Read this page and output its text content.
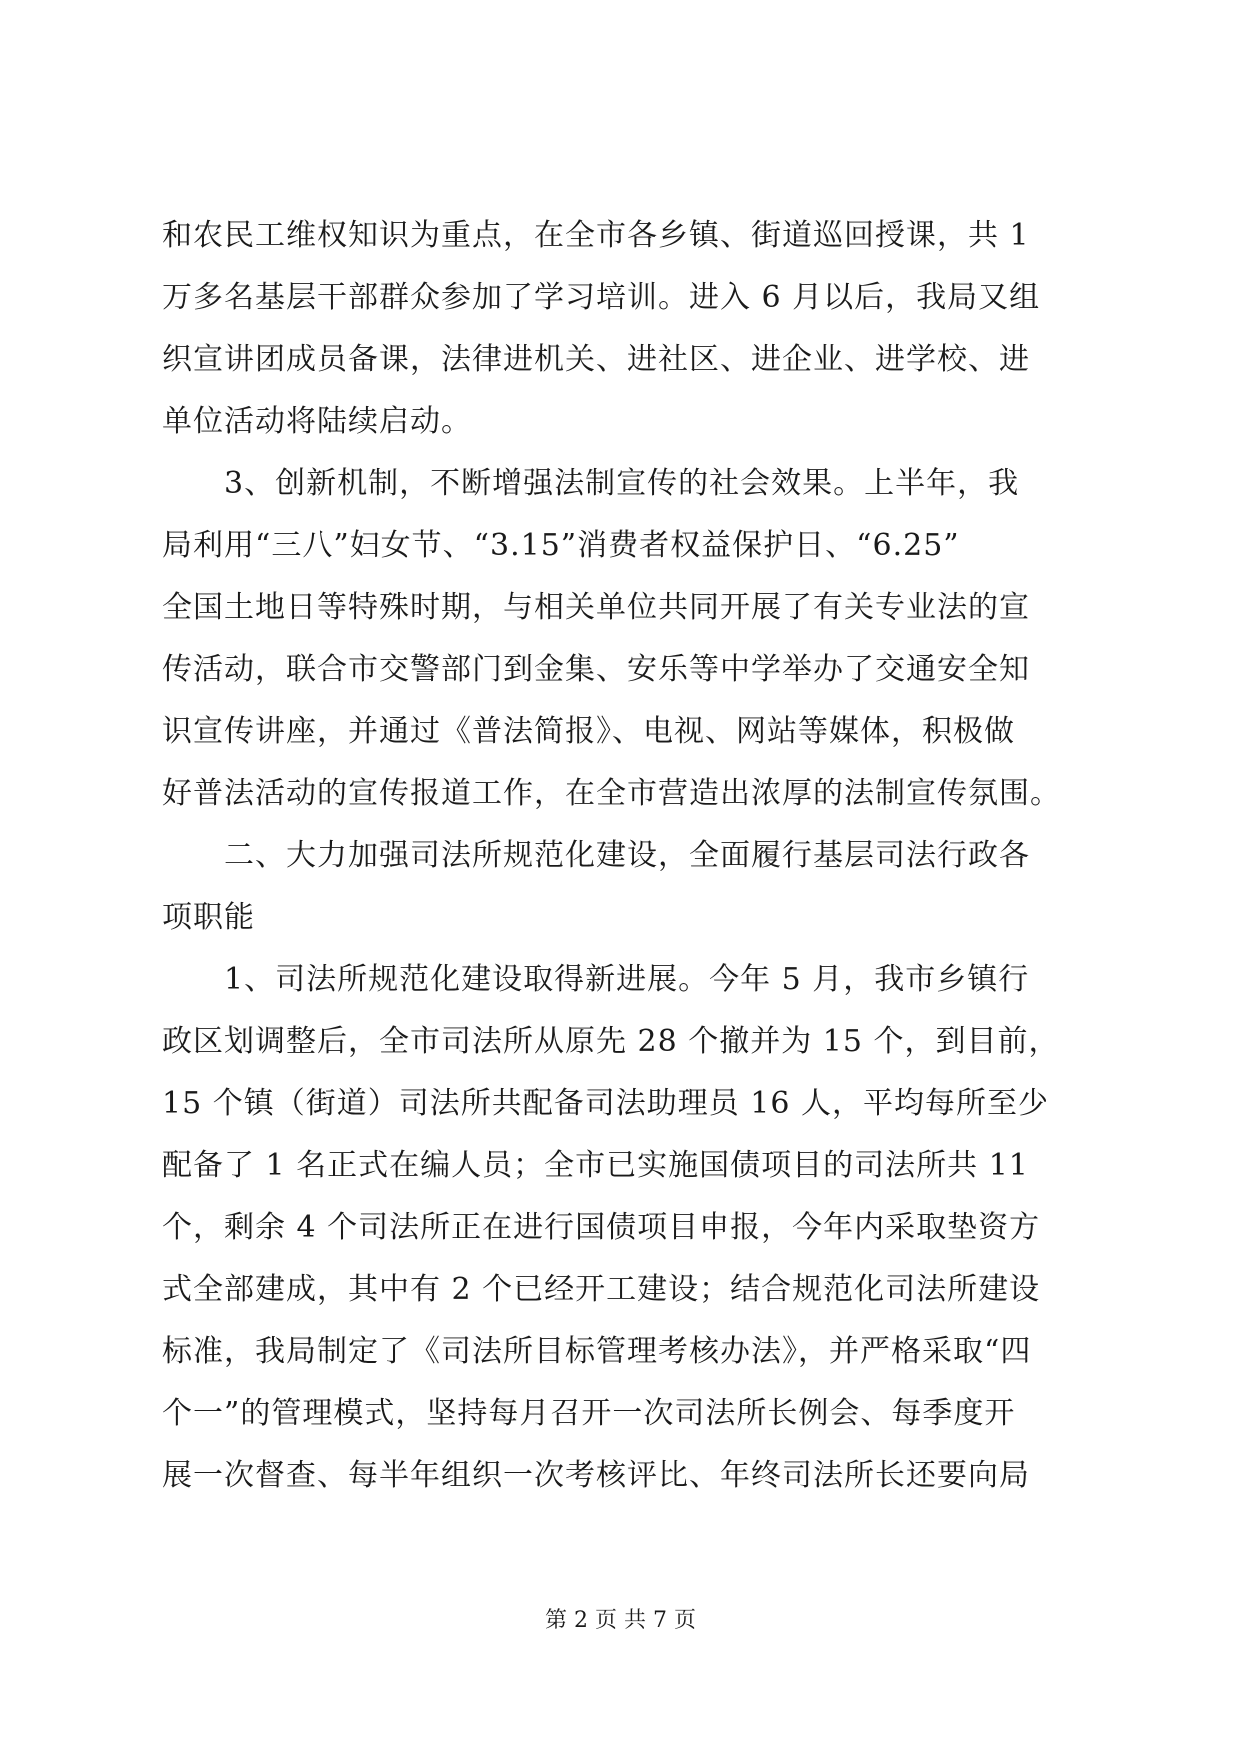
和农民工维权知识为重点，在全市各乡镇、街道巡回授课，共 1
万多名基层干部群众参加了学习培训。进入 6 月以后，我局又组
织宣讲团成员备课，法律进机关、进社区、进企业、进学校、进
单位活动将陆续启动。
　　3、创新机制，不断增强法制宣传的社会效果。上半年，我
局利用“三八”妇女节、“3.15”消费者权益保护日、“6.25”
全国土地日等特殊时期，与相关单位共同开展了有关专业法的宣
传活动，联合市交警部门到金集、安乐等中学举办了交通安全知
识宣传讲座，并通过《普法简报》、电视、网站等媒体，积极做
好普法活动的宣传报道工作，在全市营造出浓厚的法制宣传氛围。
　　二、大力加强司法所规范化建设，全面履行基层司法行政各
项职能
　　1、司法所规范化建设取得新进展。今年 5 月，我市乡镇行
政区划调整后，全市司法所从原先 28 个撤并为 15 个，到目前，
15 个镇（街道）司法所共配备司法助理员 16 人，平均每所至少
配备了 1 名正式在编人员；全市已实施国债项目的司法所共 11
个，剩余 4 个司法所正在进行国债项目申报，今年内采取垫资方
式全部建成，其中有 2 个已经开工建设；结合规范化司法所建设
标准，我局制定了《司法所目标管理考核办法》，并严格采取“四
个一”的管理模式，坚持每月召开一次司法所长例会、每季度开
展一次督查、每半年组织一次考核评比、年终司法所长还要向局
第 2 页 共 7 页
